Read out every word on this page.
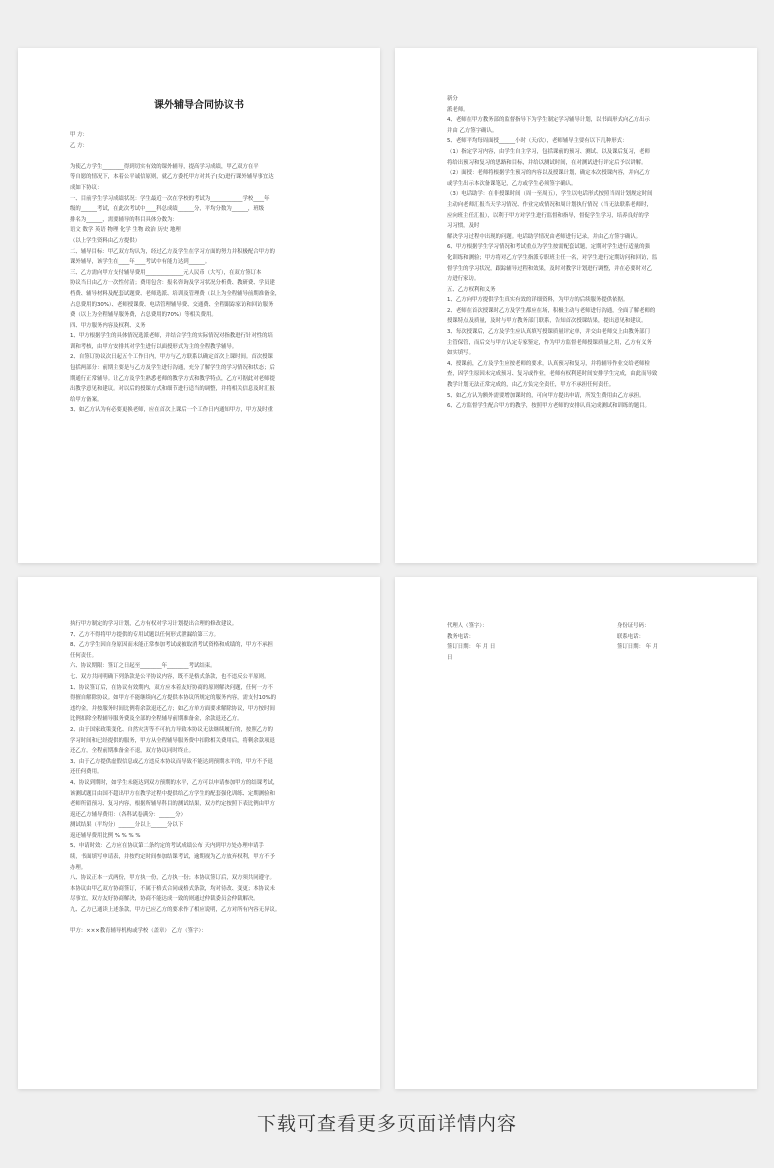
课外辅导合同协议书
甲 方：
乙 方：

为使乙方学生________得到切实有效的课外辅导，提高学习成绩，甲乙双方在平
等自愿的情况下，本着公平诚信原则，就乙方委托甲方对其子(女)进行课外辅导事宜达
成如下协议：
一、目前学生学习成绩状况：学生最近一次在学校的考试为____________学校____年
级的______考试，在此次考试中____科总成绩______分，平均分数为______，班级
排名为______，需要辅导的科目具体分数为：
语文 数学 英语 物理 化学 生物 政治 历史 地理
（以上学生资料由乙方提供）
二、辅导目标：甲乙双方均认为，经过乙方及学生在学习方面的努力并积极配合甲方的
课外辅导，该学生在____年____考试中有能力达到______。
三、乙方需向甲方支付辅导费用______________元人民币（大写），在双方签订本
协议当日由乙方一次性付清；费用包含：报名咨询及学习状况分析费、教研费、学员建
档费、辅导材料及配套试题费、老师选派、培训及管理费（以上为全程辅导前期准备金，
占总费用的30%）、老师授课费、电话管理辅导费、交通费、全程跟踪家访和回访服务
费（以上为全程辅导服务费，占总费用的70%）等相关费用。
四、甲方服务内容及权利、义务
1、甲方根据学生的具体情况选派老师，并结合学生的实际情况对指教进行针对性的培
训和考核，由甲方安排其对学生进行以面授形式为主的全程教学辅导。
2、自签订协议次日起五个工作日内，甲方与乙方联系以确定首次上课时间。首次授课
包括两部分：前期主要是与乙方及学生进行沟通，充分了解学生的学习情况和状态；后
期通行正常辅导。让乙方及学生熟悉老师的教学方式和教学特点，乙方可据此对老师提
出教学意见和建议。对以后的授课方式和细节进行适当的调整，并将相关信息及时汇报
给甲方备案。
3、如乙方认为有必要更换老师，应在首次上课后一个工作日内通知甲方，甲方及时重
新分
派老师。
4、老师在甲方教务部的监督指导下为学生制定学习辅导计划，以书面形式向乙方出示
并由 乙方签字确认。
5、老师平均每周面授______小时（天/次），老师辅导主要有以下几种形式：
（1）指定学习内容，由学生自主学习，包括课前的预习、测试、以及课后复习，老师
将给出预习和复习的思路和目标，并给以测试时间，在对测试进行评定后予以讲解。
（2）面授：老师将根据学生预习的内容以及授课计划，确定本次授课内容，并向乙方
或学生出示本次备课笔记，乙方或学生必须签字确认。
（3）电话助学：在非授课时间（周一至周五），学生以电话形式按照当周计划规定时间
主动向老师汇报当天学习情况、作业完成情况和周计划执行情况（当无法联系老师时，
应向班主任汇报），以利于甲方对学生进行监督和指导，督促学生学习，培养良好的学
习习惯，及时
解决学习过程中出现的问题。电话助学情况由老师进行记录，并由乙方签字确认。
6、甲方根据学生学习情况和考试重点为学生按需配套试题，定期对学生进行适量的强
化训练和测验；甲方将对乙方学生指派专职班主任一名，对学生进行定期访问和回访，监
督学生的学习状况，跟踪辅导过程和效果，及时对教学计划进行调整，并在必要时对乙
方进行家访。
五、乙方权利和义务
1、乙方向甲方提供学生真实有效的详细资料，为甲方的后续服务提供依据。
2、老师在首次授课时乙方及学生都应在场，积极主动与老师进行沟通，全面了解老师的
授课特点及质量，及时与甲方教务部门联系，告知首次授课结果，提出意见和建议。
3、每次授课后，乙方及学生应认真填写授课质量评定单，并交由老师交上由教务部门
主管保管，而后交与甲方认定专家鉴定，作为甲方监督老师授课质量之用，乙方有义务
如实填写。
4、授课前，乙方及学生应按老师的要求，认真预习和复习，并将辅导作业交给老师检
查，因学生原因未完成预习、复习或作业，老师有权利延时间安排学生完成，由此而导致
教学计划无法正常完成的，由乙方负完全责任，甲方不承担任何责任。
5、如乙方认为额外需要增加课时的，可向甲方提出申请，所发生费用由乙方承担。
6、乙方监督学生配合甲方的教学，按照甲方老师的安排认真完成测试和训练的题目。
执行甲方制定的学习计划，乙方有权对学习计划提出合理的修改建议。
7、乙方不得将甲方提供的专用试题以任何形式泄漏给第三方。
8、乙方学生因自身原因而未能正常参加考试或被取消考试资格和成绩的，甲方不承担
任何责任。
六、协议期限：签订之日起至________年________考试结束。
七、双方共同明确下列条款是公平协议内容，既不是格式条款，也不违反公平原则。
1、协议签订后，在协议有效期内，双方应本着友好协商的原则解决问题，任何一方不
得擅自解除协议。如甲方不能继续向乙方提供本协议所规定的服务内容，需支付10%的
违约金，并按服务时间比例将余款退还乙方；如乙方单方面要求解除协议，甲方按时间
比例扣除全程辅导服务费及全部的全程辅导前期准备金，余款退还乙方。
2、由于国家政策变化、自然灾害等不可抗力导致本协议无法继续履行的，按照乙方的
学习时间和已经提供的服务，甲方从全程辅导服务费中扣除相关费用后，将剩余款项退
还乙方，全程前期准备金不退，双方协议同时终止。
3、由于乙方提供虚假信息或乙方违反本协议而导致不能达到预期水平的，甲方不予退
还任何费用。
4、协议到期时，如学生未能达到双方预期的水平，乙方可以申请参加甲方的结课考试，
该测试题目由国不超出甲方在教学过程中提供给乙方学生的配套强化训练、定期测验和
老师所留预习、复习内容，根据所辅导科目的测试结果，双方约定按照下表比例由甲方
返还乙方辅导费用：（各科试卷满分：______分）
测试结果（平均分）______分以上______分以下
返还辅导费用比例 % % % %
5、申请时效：乙方应在协议第二条约定的考试成绩公布 天内到甲方处办理申请手
续，书面填写申请表，并按约定时间参加结课考试，逾期视为乙方放弃权利，甲方不予
办理。
八、协议正本一式两份，甲方执一份，乙方执一份；本协议签订后，双方须共同遵守。
本协议由甲乙双方协商签订，不属于格式合同或格式条款，均对待改、变更；本协议未
尽事宜，双方友好协商解决，协商不能达成一致的则通过仲裁委员会仲裁解决。
九、乙方已通读上述条款，甲方已应乙方的要求作了相应说明，乙方对所有内容无异议。

甲方：×××教育辅导机构或学校（盖章） 乙方（签字）：
代理人（签字）：	身份证号码：
教务电话：	联系电话：
签订日期： 年 月 日	签订日期： 年 月
日
下载可查看更多页面详情内容
